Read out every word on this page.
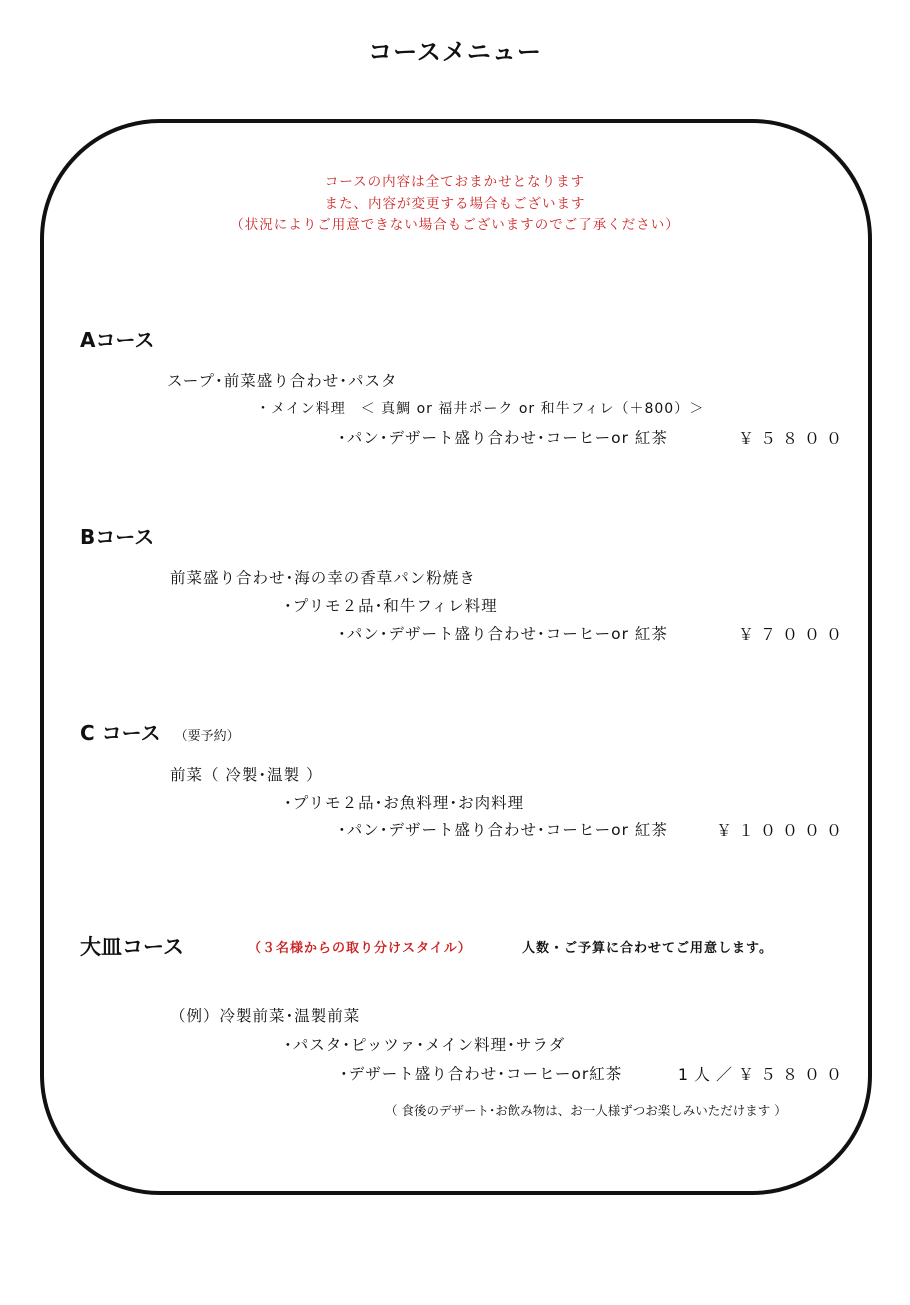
コースメニュー
コースの内容は全ておまかせとなります
また、内容が変更する場合もございます
（状況によりご用意できない場合もございますのでご了承ください）
Aコース
スープ･前菜盛り合わせ･パスタ
・メイン料理　＜ 真鯛 or 福井ポーク or 和牛フィレ（＋800）＞
･パン･デザート盛り合わせ･コーヒーor 紅茶	￥５８００
Bコース
前菜盛り合わせ･海の幸の香草パン粉焼き
･プリモ２品･和牛フィレ料理
･パン･デザート盛り合わせ･コーヒーor 紅茶	￥７０００
C コース （要予約）
前菜（ 冷製･温製 ）
･プリモ２品･お魚料理･お肉料理
･パン･デザート盛り合わせ･コーヒーor 紅茶	￥１００００
大皿コース	（３名様からの取り分けスタイル）	人数・ご予算に合わせてご用意します。
（例）冷製前菜･温製前菜
･パスタ･ピッツァ･メイン料理･サラダ
･デザート盛り合わせ･コーヒーor紅茶	1人／￥５８００
（ 食後のデザート･お飲み物は、お一人様ずつお楽しみいただけます ）
